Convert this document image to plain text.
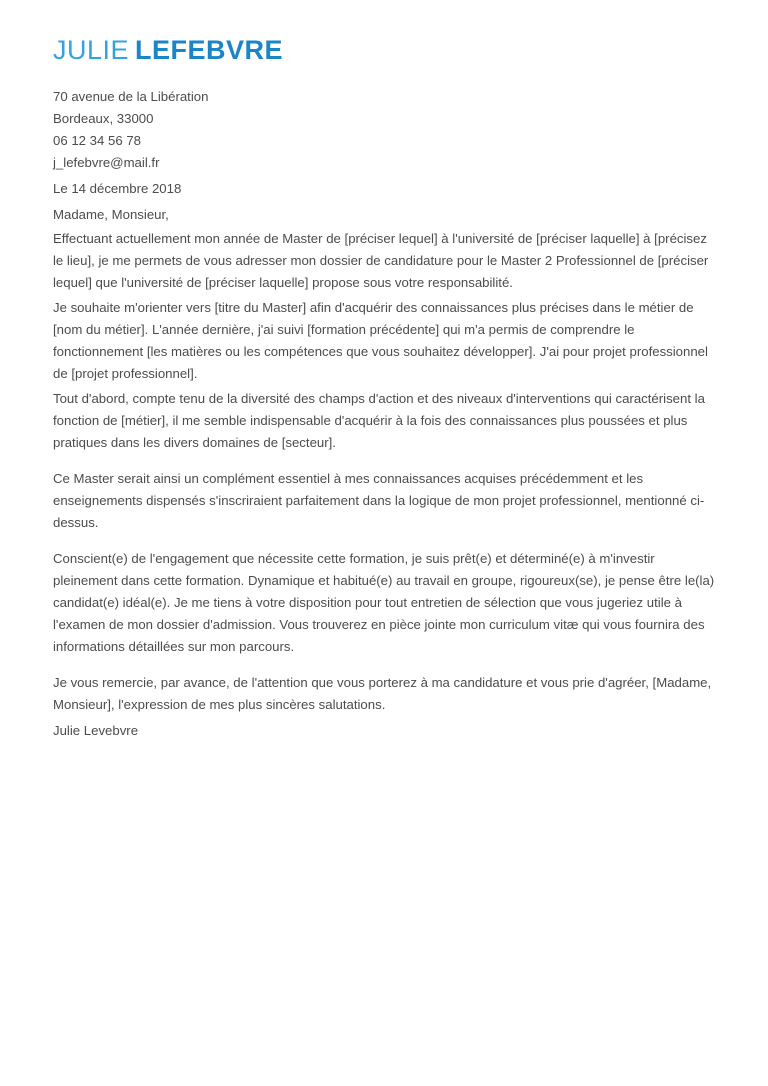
JULIE LEFEBVRE

70 avenue de la Libération

Bordeaux, 33000

06 12 34 56 78

j_lefebvre@mail.fr

Le 14 décembre 2018

Madame, Monsieur,

Effectuant actuellement mon année de Master de [préciser lequel] à l'université de [préciser laquelle] à [précisez le lieu], je me permets de vous adresser mon dossier de candidature pour le Master 2 Professionnel de [préciser lequel] que l'université de [préciser laquelle] propose sous votre responsabilité.

Je souhaite m'orienter vers [titre du Master] afin d'acquérir des connaissances plus précises dans le métier de [nom du métier]. L'année dernière, j'ai suivi [formation précédente] qui m'a permis de comprendre le fonctionnement [les matières ou les compétences que vous souhaitez développer]. J'ai pour projet professionnel de [projet professionnel].

Tout d'abord, compte tenu de la diversité des champs d'action et des niveaux d'interventions qui caractérisent la fonction de [métier], il me semble indispensable d'acquérir à la fois des connaissances plus poussées et plus pratiques dans les divers domaines de [secteur].

Ce Master serait ainsi un complément essentiel à mes connaissances acquises précédemment et les enseignements dispensés s'inscriraient parfaitement dans la logique de mon projet professionnel, mentionné ci-dessus.

Conscient(e) de l'engagement que nécessite cette formation, je suis prêt(e) et déterminé(e) à m'investir pleinement dans cette formation. Dynamique et habitué(e) au travail en groupe, rigoureux(se), je pense être le(la) candidat(e) idéal(e). Je me tiens à votre disposition pour tout entretien de sélection que vous jugeriez utile à l'examen de mon dossier d'admission. Vous trouverez en pièce jointe mon curriculum vitæ qui vous fournira des informations détaillées sur mon parcours.

Je vous remercie, par avance, de l'attention que vous porterez à ma candidature et vous prie d'agréer, [Madame, Monsieur], l'expression de mes plus sincères salutations.

Julie Levebvre
